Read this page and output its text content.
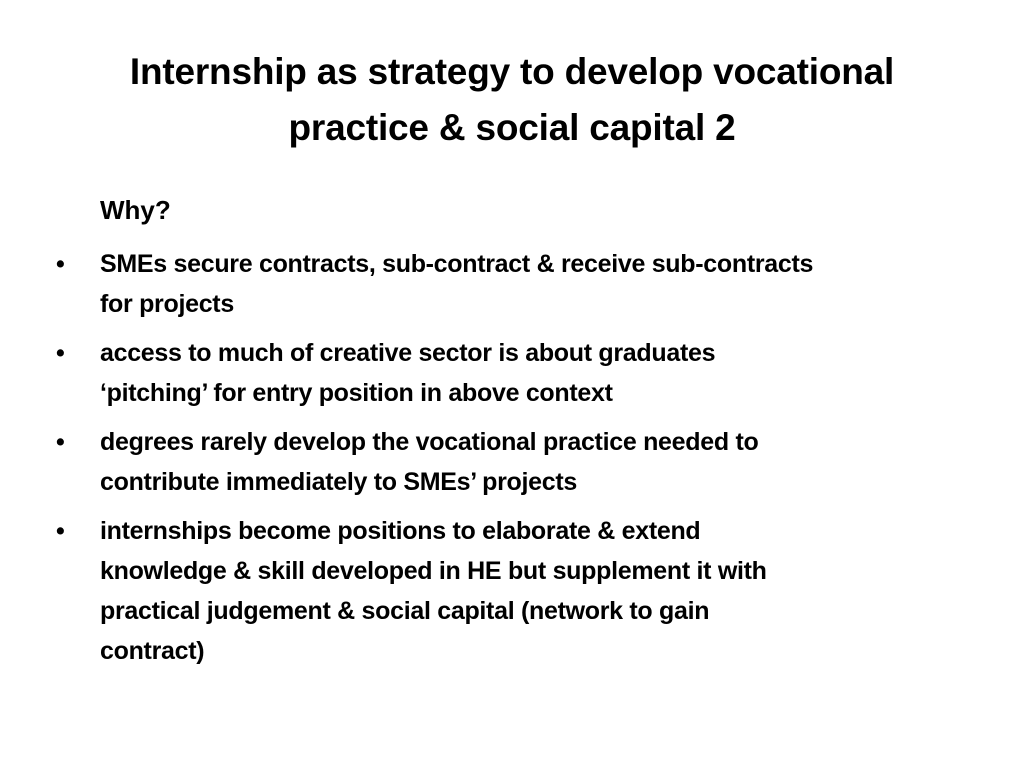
Internship as strategy to develop vocational
practice & social capital 2
Why?
•	SMEs secure contracts, sub-contract & receive sub-contracts
for projects
•	access to much of creative sector is about graduates
‘pitching’ for entry position in above context
•	degrees rarely develop the vocational practice needed to
contribute immediately to SMEs’ projects
•	internships become positions to elaborate & extend
knowledge & skill developed in HE but supplement it with
practical judgement & social capital (network to gain
contract)
